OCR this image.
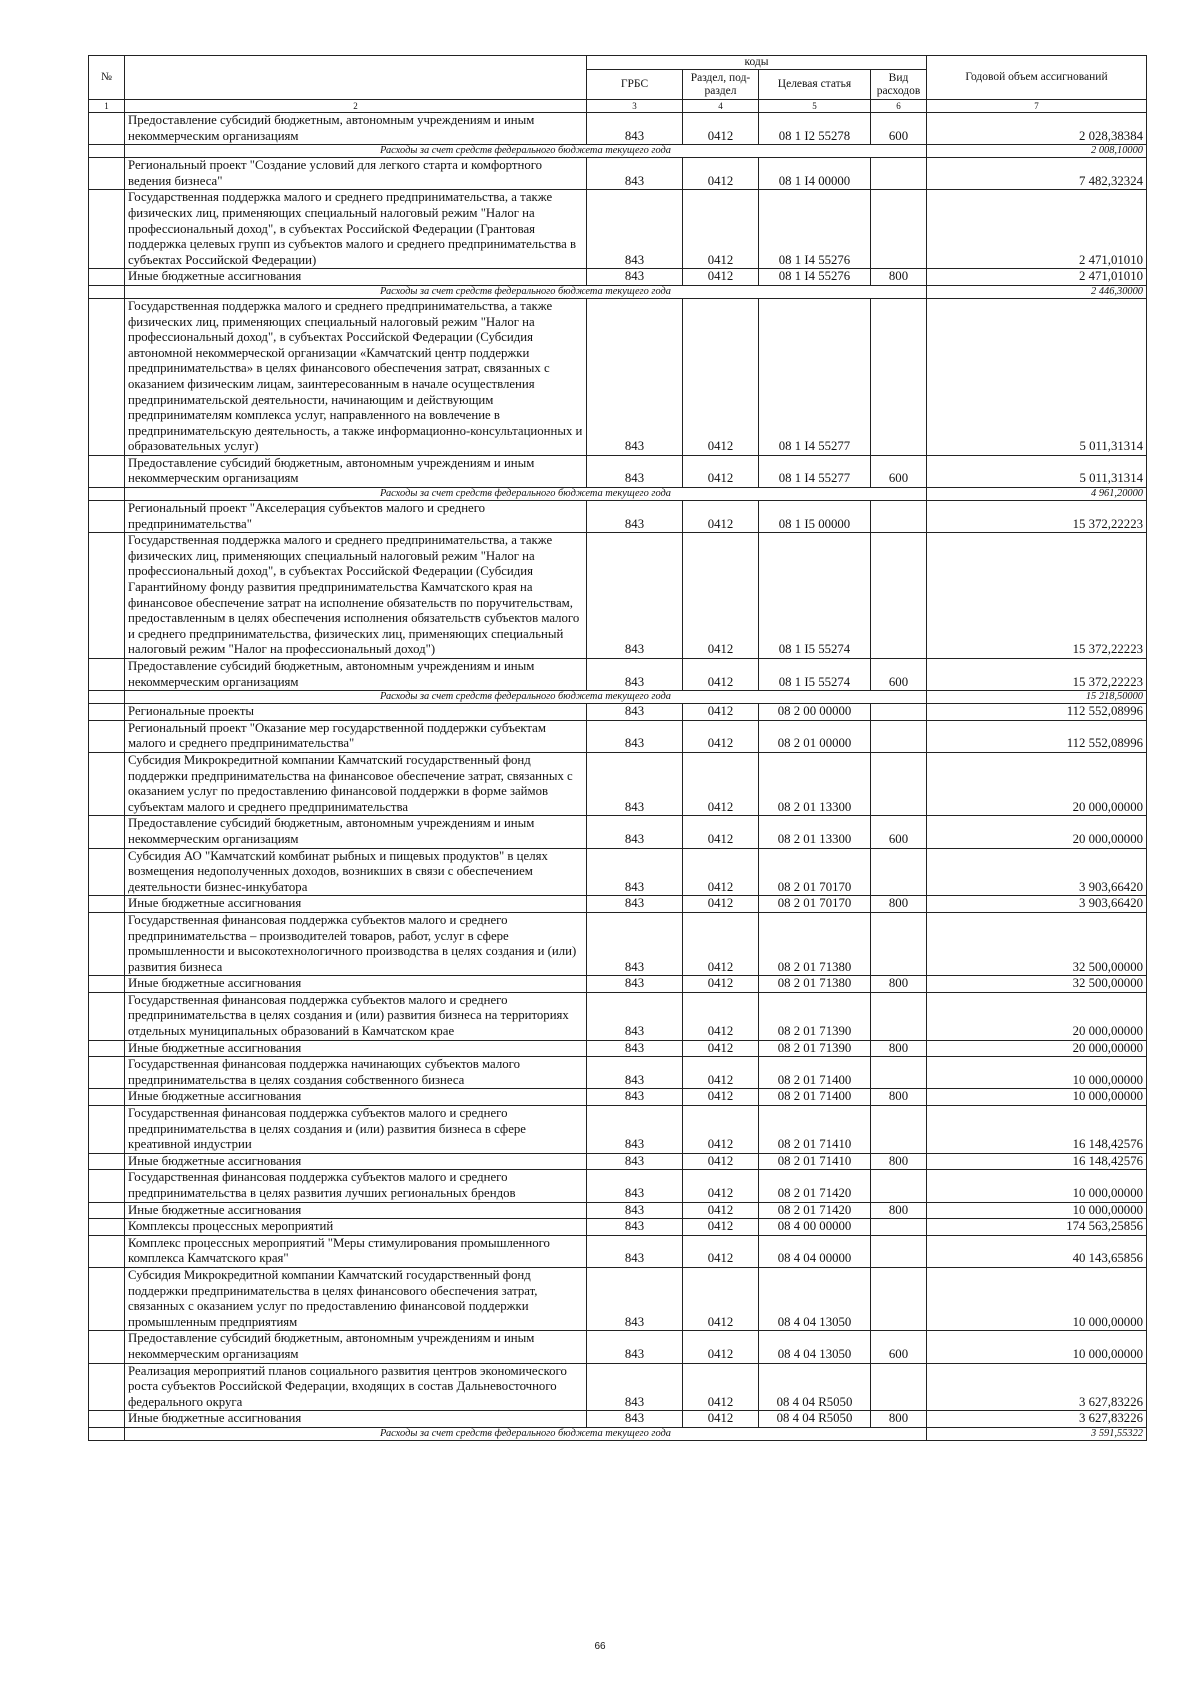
№		коды				Годовой объем ассигнований
		ГРБС	Раздел, под-раздел	Целевая статья	Вид расходов	
1	2	3	4	5	6	7
	Предоставление субсидий бюджетным, автономным учреждениям и иным некоммерческим организациям	843	0412	08 1 I2 55278	600	2 028,38384
	Расходы за счет средств федерального бюджета текущего года					2 008,10000
	Региональный проект "Создание условий для легкого старта и комфортного ведения бизнеса"	843	0412	08 1 I4 00000		7 482,32324
	Государственная поддержка малого и среднего предпринимательства, а также физических лиц, применяющих специальный налоговый режим "Налог на профессиональный доход", в субъектах Российской Федерации (Грантовая поддержка целевых групп из субъектов малого и среднего предпринимательства в субъектах Российской Федерации)	843	0412	08 1 I4 55276		2 471,01010
	Иные бюджетные ассигнования	843	0412	08 1 I4 55276	800	2 471,01010
	Расходы за счет средств федерального бюджета текущего года					2 446,30000
	Государственная поддержка малого и среднего предпринимательства, а также физических лиц, применяющих специальный налоговый режим "Налог на профессиональный доход", в субъектах Российской Федерации (Субсидия автономной некоммерческой организации «Камчатский центр поддержки предпринимательства» в целях финансового обеспечения затрат, связанных с оказанием физическим лицам, заинтересованным в начале осуществления предпринимательской деятельности, начинающим и действующим предпринимателям комплекса услуг, направленного на вовлечение в предпринимательскую деятельность, а также информационно-консультационных и образовательных услуг)	843	0412	08 1 I4 55277		5 011,31314
	Предоставление субсидий бюджетным, автономным учреждениям и иным некоммерческим организациям	843	0412	08 1 I4 55277	600	5 011,31314
	Расходы за счет средств федерального бюджета текущего года					4 961,20000
	Региональный проект "Акселерация субъектов малого и среднего предпринимательства"	843	0412	08 1 I5 00000		15 372,22223
	Государственная поддержка малого и среднего предпринимательства, а также физических лиц, применяющих специальный налоговый режим "Налог на профессиональный доход", в субъектах Российской Федерации (Субсидия Гарантийному фонду развития предпринимательства Камчатского края на финансовое обеспечение затрат на исполнение обязательств по поручительствам, предоставленным в целях обеспечения исполнения обязательств субъектов малого и среднего предпринимательства, физических лиц, применяющих специальный налоговый режим "Налог на профессиональный доход")	843	0412	08 1 I5 55274		15 372,22223
	Предоставление субсидий бюджетным, автономным учреждениям и иным некоммерческим организациям	843	0412	08 1 I5 55274	600	15 372,22223
	Расходы за счет средств федерального бюджета текущего года					15 218,50000
	Региональные проекты	843	0412	08 2 00 00000		112 552,08996
	Региональный проект "Оказание мер государственной поддержки субъектам малого и среднего предпринимательства"	843	0412	08 2 01 00000		112 552,08996
	Субсидия Микрокредитной компании Камчатский государственный фонд поддержки предпринимательства на финансовое обеспечение затрат, связанных с оказанием услуг по предоставлению финансовой поддержки в форме займов субъектам малого и среднего предпринимательства	843	0412	08 2 01 13300		20 000,00000
	Предоставление субсидий бюджетным, автономным учреждениям и иным некоммерческим организациям	843	0412	08 2 01 13300	600	20 000,00000
	Субсидия АО "Камчатский комбинат рыбных и пищевых продуктов" в целях возмещения недополученных доходов, возникших в связи с обеспечением деятельности бизнес-инкубатора	843	0412	08 2 01 70170		3 903,66420
	Иные бюджетные ассигнования	843	0412	08 2 01 70170	800	3 903,66420
	Государственная финансовая поддержка субъектов малого и среднего предпринимательства – производителей товаров, работ, услуг в сфере промышленности и высокотехнологичного производства в целях создания и (или) развития бизнеса	843	0412	08 2 01 71380		32 500,00000
	Иные бюджетные ассигнования	843	0412	08 2 01 71380	800	32 500,00000
	Государственная финансовая поддержка субъектов малого и среднего предпринимательства в целях создания и (или) развития бизнеса на территориях отдельных муниципальных образований в Камчатском крае	843	0412	08 2 01 71390		20 000,00000
	Иные бюджетные ассигнования	843	0412	08 2 01 71390	800	20 000,00000
	Государственная финансовая поддержка начинающих субъектов малого предпринимательства в целях создания собственного бизнеса	843	0412	08 2 01 71400		10 000,00000
	Иные бюджетные ассигнования	843	0412	08 2 01 71400	800	10 000,00000
	Государственная финансовая поддержка субъектов малого и среднего предпринимательства в целях создания и (или) развития бизнеса в сфере креативной индустрии	843	0412	08 2 01 71410		16 148,42576
	Иные бюджетные ассигнования	843	0412	08 2 01 71410	800	16 148,42576
	Государственная финансовая поддержка субъектов малого и среднего предпринимательства в целях развития лучших региональных брендов	843	0412	08 2 01 71420		10 000,00000
	Иные бюджетные ассигнования	843	0412	08 2 01 71420	800	10 000,00000
	Комплексы процессных мероприятий	843	0412	08 4 00 00000		174 563,25856
	Комплекс процессных мероприятий "Меры стимулирования промышленного комплекса Камчатского края"	843	0412	08 4 04 00000		40 143,65856
	Субсидия Микрокредитной компании Камчатский государственный фонд поддержки предпринимательства в целях финансового обеспечения затрат, связанных с оказанием услуг по предоставлению финансовой поддержки промышленным предприятиям	843	0412	08 4 04 13050		10 000,00000
	Предоставление субсидий бюджетным, автономным учреждениям и иным некоммерческим организациям	843	0412	08 4 04 13050	600	10 000,00000
	Реализация мероприятий планов социального развития центров экономического роста субъектов Российской Федерации, входящих в состав Дальневосточного федерального округа	843	0412	08 4 04 R5050		3 627,83226
	Иные бюджетные ассигнования	843	0412	08 4 04 R5050	800	3 627,83226
	Расходы за счет средств федерального бюджета текущего года					3 591,55322
66
